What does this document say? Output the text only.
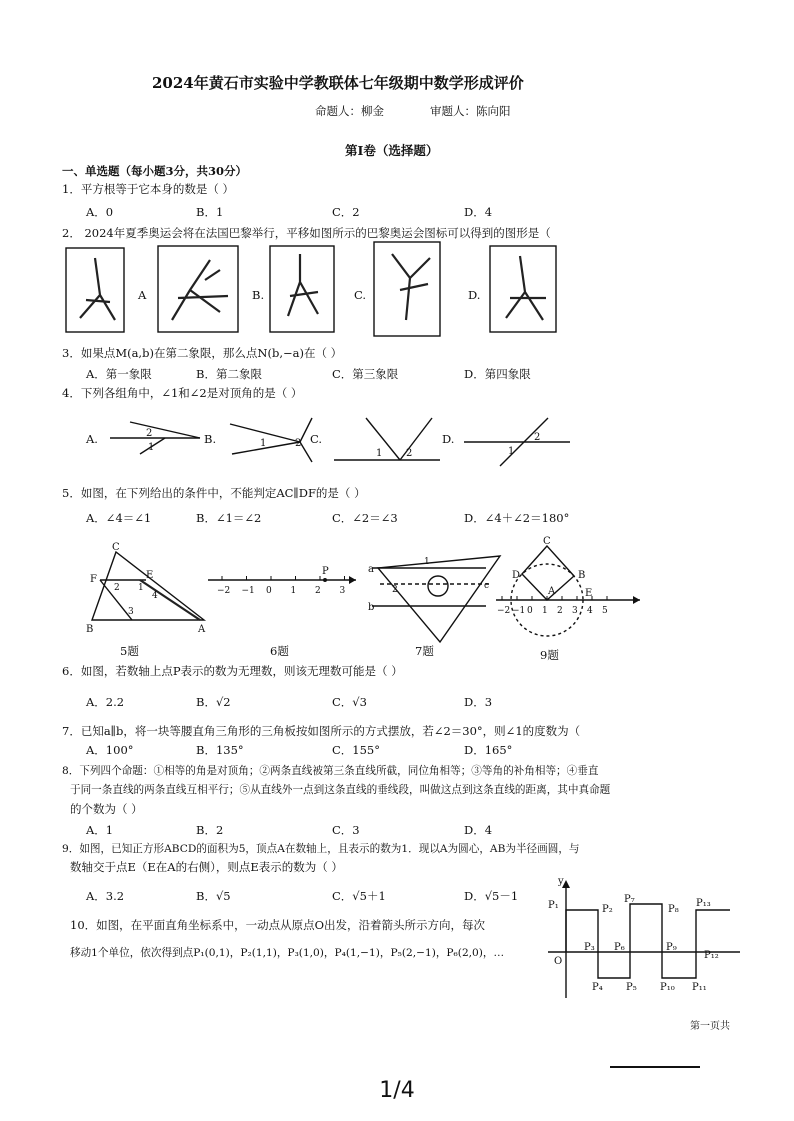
2024年黄石市实验中学教联体七年级期中数学形成评价
命题人：柳金	审题人：陈向阳
第Ⅰ卷（选择题）
一、单选题（每小题3分，共30分）
1．平方根等于它本身的数是（ ）
A．0	B．1	C．2	D．4
2． 2024年夏季奥运会将在法国巴黎举行，平移如图所示的巴黎奥运会图标可以得到的图形是（
A	B.	C.	D.
3．如果点M(a,b)在第二象限，那么点N(b,−a)在（ ）
A．第一象限	B．第二象限	C．第三象限	D．第四象限
4．下列各组角中，∠1和∠2是对顶角的是（ ）
2
1	1	2
1 2
2
1
A.	B.	C.	D.
5．如图，在下列给出的条件中，不能判定AC∥DF的是（ ）
A．∠4＝∠1	B．∠1＝∠2	C．∠2＝∠3	D．∠4＋∠2＝180°
C
F	E
B	A
1
2
3
4	−2 −1 0 1 2 3
P	a
b
1
2	c
−2 −1 0 1 2 3 4 5
C
D	B
A	E
5题	6题	7题	9题
6．如图，若数轴上点P表示的数为无理数，则该无理数可能是（ ）
A．2.2	B．√2	C．√3	D．3
7．已知a∥b，将一块等腰直角三角形的三角板按如图所示的方式摆放，若∠2＝30°，则∠1的度数为（
A．100°	B．135°	C．155°	D．165°
8．下列四个命题：①相等的角是对顶角；②两条直线被第三条直线所截，同位角相等；③等角的补角相等；④垂直
于同一条直线的两条直线互相平行；⑤从直线外一点到这条直线的垂线段，叫做这点到这条直线的距离，其中真命题
的个数为（ ）
A．1	B．2	C．3	D．4
9．如图，已知正方形ABCD的面积为5，顶点A在数轴上，且表示的数为1．现以A为圆心，AB为半径画圆，与
数轴交于点E（E在A的右侧），则点E表示的数为（ ）
A．3.2	B．√5	C．√5＋1	D．√5－1
10．如图，在平面直角坐标系中，一动点从原点O出发，沿着箭头所示方向，每次
移动1个单位，依次得到点P₁(0,1)，P₂(1,1)，P₃(1,0)，P₄(1,−1)，P₅(2,−1)，P₆(2,0)，…
y
O
P₁	P₂
P₃
P₄ P₅
P₆
P₇
P₈
P₉
P₁₀ P₁₁
P₁₂
P₁₃
第一页共
1/4
